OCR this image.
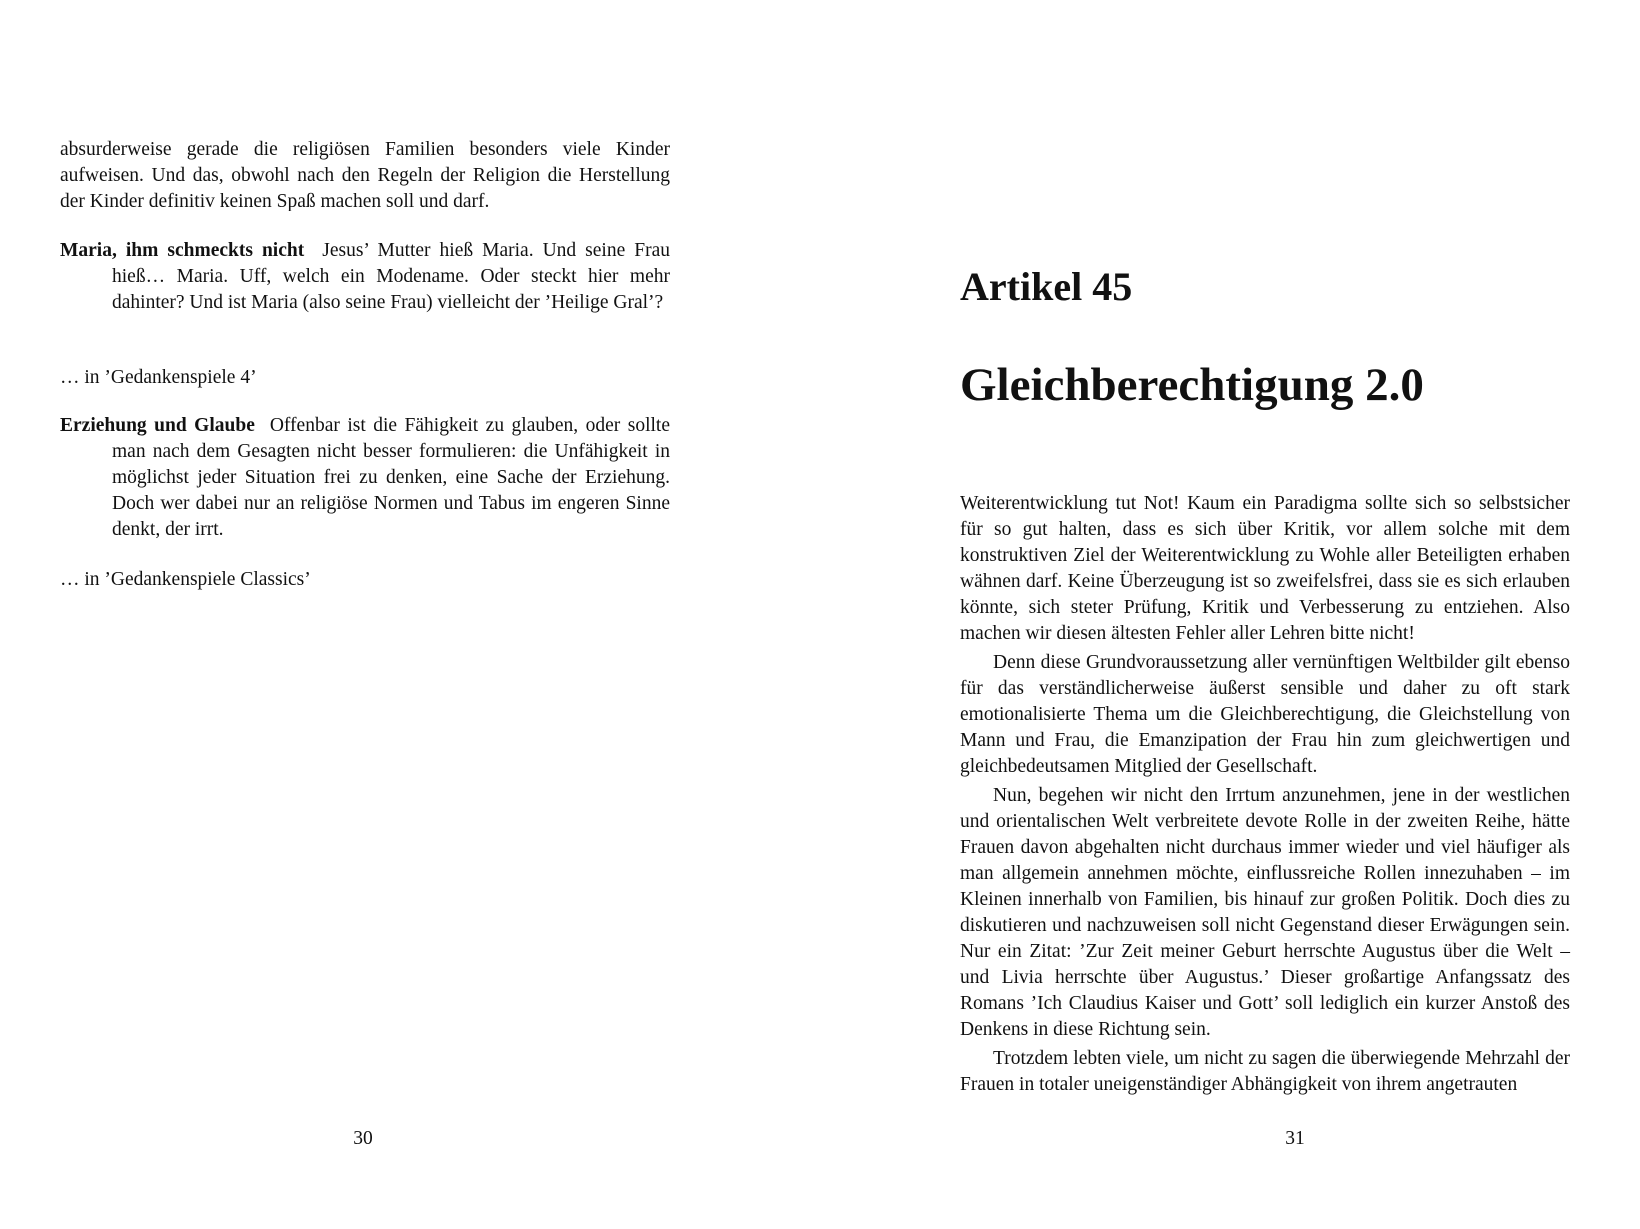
absurderweise gerade die religiösen Familien besonders viele Kinder aufweisen. Und das, obwohl nach den Regeln der Religion die Herstellung der Kinder definitiv keinen Spaß machen soll und darf.
Maria, ihm schmeckts nicht Jesus’ Mutter hieß Maria. Und seine Frau hieß… Maria. Uff, welch ein Modename. Oder steckt hier mehr dahinter? Und ist Maria (also seine Frau) vielleicht der ’Heilige Gral’?
… in ’Gedankenspiele 4’
Erziehung und Glaube Offenbar ist die Fähigkeit zu glauben, oder sollte man nach dem Gesagten nicht besser formulieren: die Unfähigkeit in möglichst jeder Situation frei zu denken, eine Sache der Erziehung. Doch wer dabei nur an religiöse Normen und Tabus im engeren Sinne denkt, der irrt.
… in ’Gedankenspiele Classics’
30
Artikel 45
Gleichberechtigung 2.0

Weiterentwicklung tut Not! Kaum ein Paradigma sollte sich so selbstsicher für so gut halten, dass es sich über Kritik, vor allem solche mit dem konstruktiven Ziel der Weiterentwicklung zu Wohle aller Beteiligten erhaben wähnen darf. Keine Überzeugung ist so zweifelsfrei, dass sie es sich erlauben könnte, sich steter Prüfung, Kritik und Verbesserung zu entziehen. Also machen wir diesen ältesten Fehler aller Lehren bitte nicht!

Denn diese Grundvoraussetzung aller vernünftigen Weltbilder gilt ebenso für das verständlicherweise äußerst sensible und daher zu oft stark emotionalisierte Thema um die Gleichberechtigung, die Gleichstellung von Mann und Frau, die Emanzipation der Frau hin zum gleichwertigen und gleichbedeutsamen Mitglied der Gesellschaft.

Nun, begehen wir nicht den Irrtum anzunehmen, jene in der westlichen und orientalischen Welt verbreitete devote Rolle in der zweiten Reihe, hätte Frauen davon abgehalten nicht durchaus immer wieder und viel häufiger als man allgemein annehmen möchte, einflussreiche Rollen innezuhaben – im Kleinen innerhalb von Familien, bis hinauf zur großen Politik. Doch dies zu diskutieren und nachzuweisen soll nicht Gegenstand dieser Erwägungen sein. Nur ein Zitat: ’Zur Zeit meiner Geburt herrschte Augustus über die Welt – und Livia herrschte über Augustus.’ Dieser großartige Anfangssatz des Romans ’Ich Claudius Kaiser und Gott’ soll lediglich ein kurzer Anstoß des Denkens in diese Richtung sein.

Trotzdem lebten viele, um nicht zu sagen die überwiegende Mehrzahl der Frauen in totaler uneigenständiger Abhängigkeit von ihrem angetrauten

31
